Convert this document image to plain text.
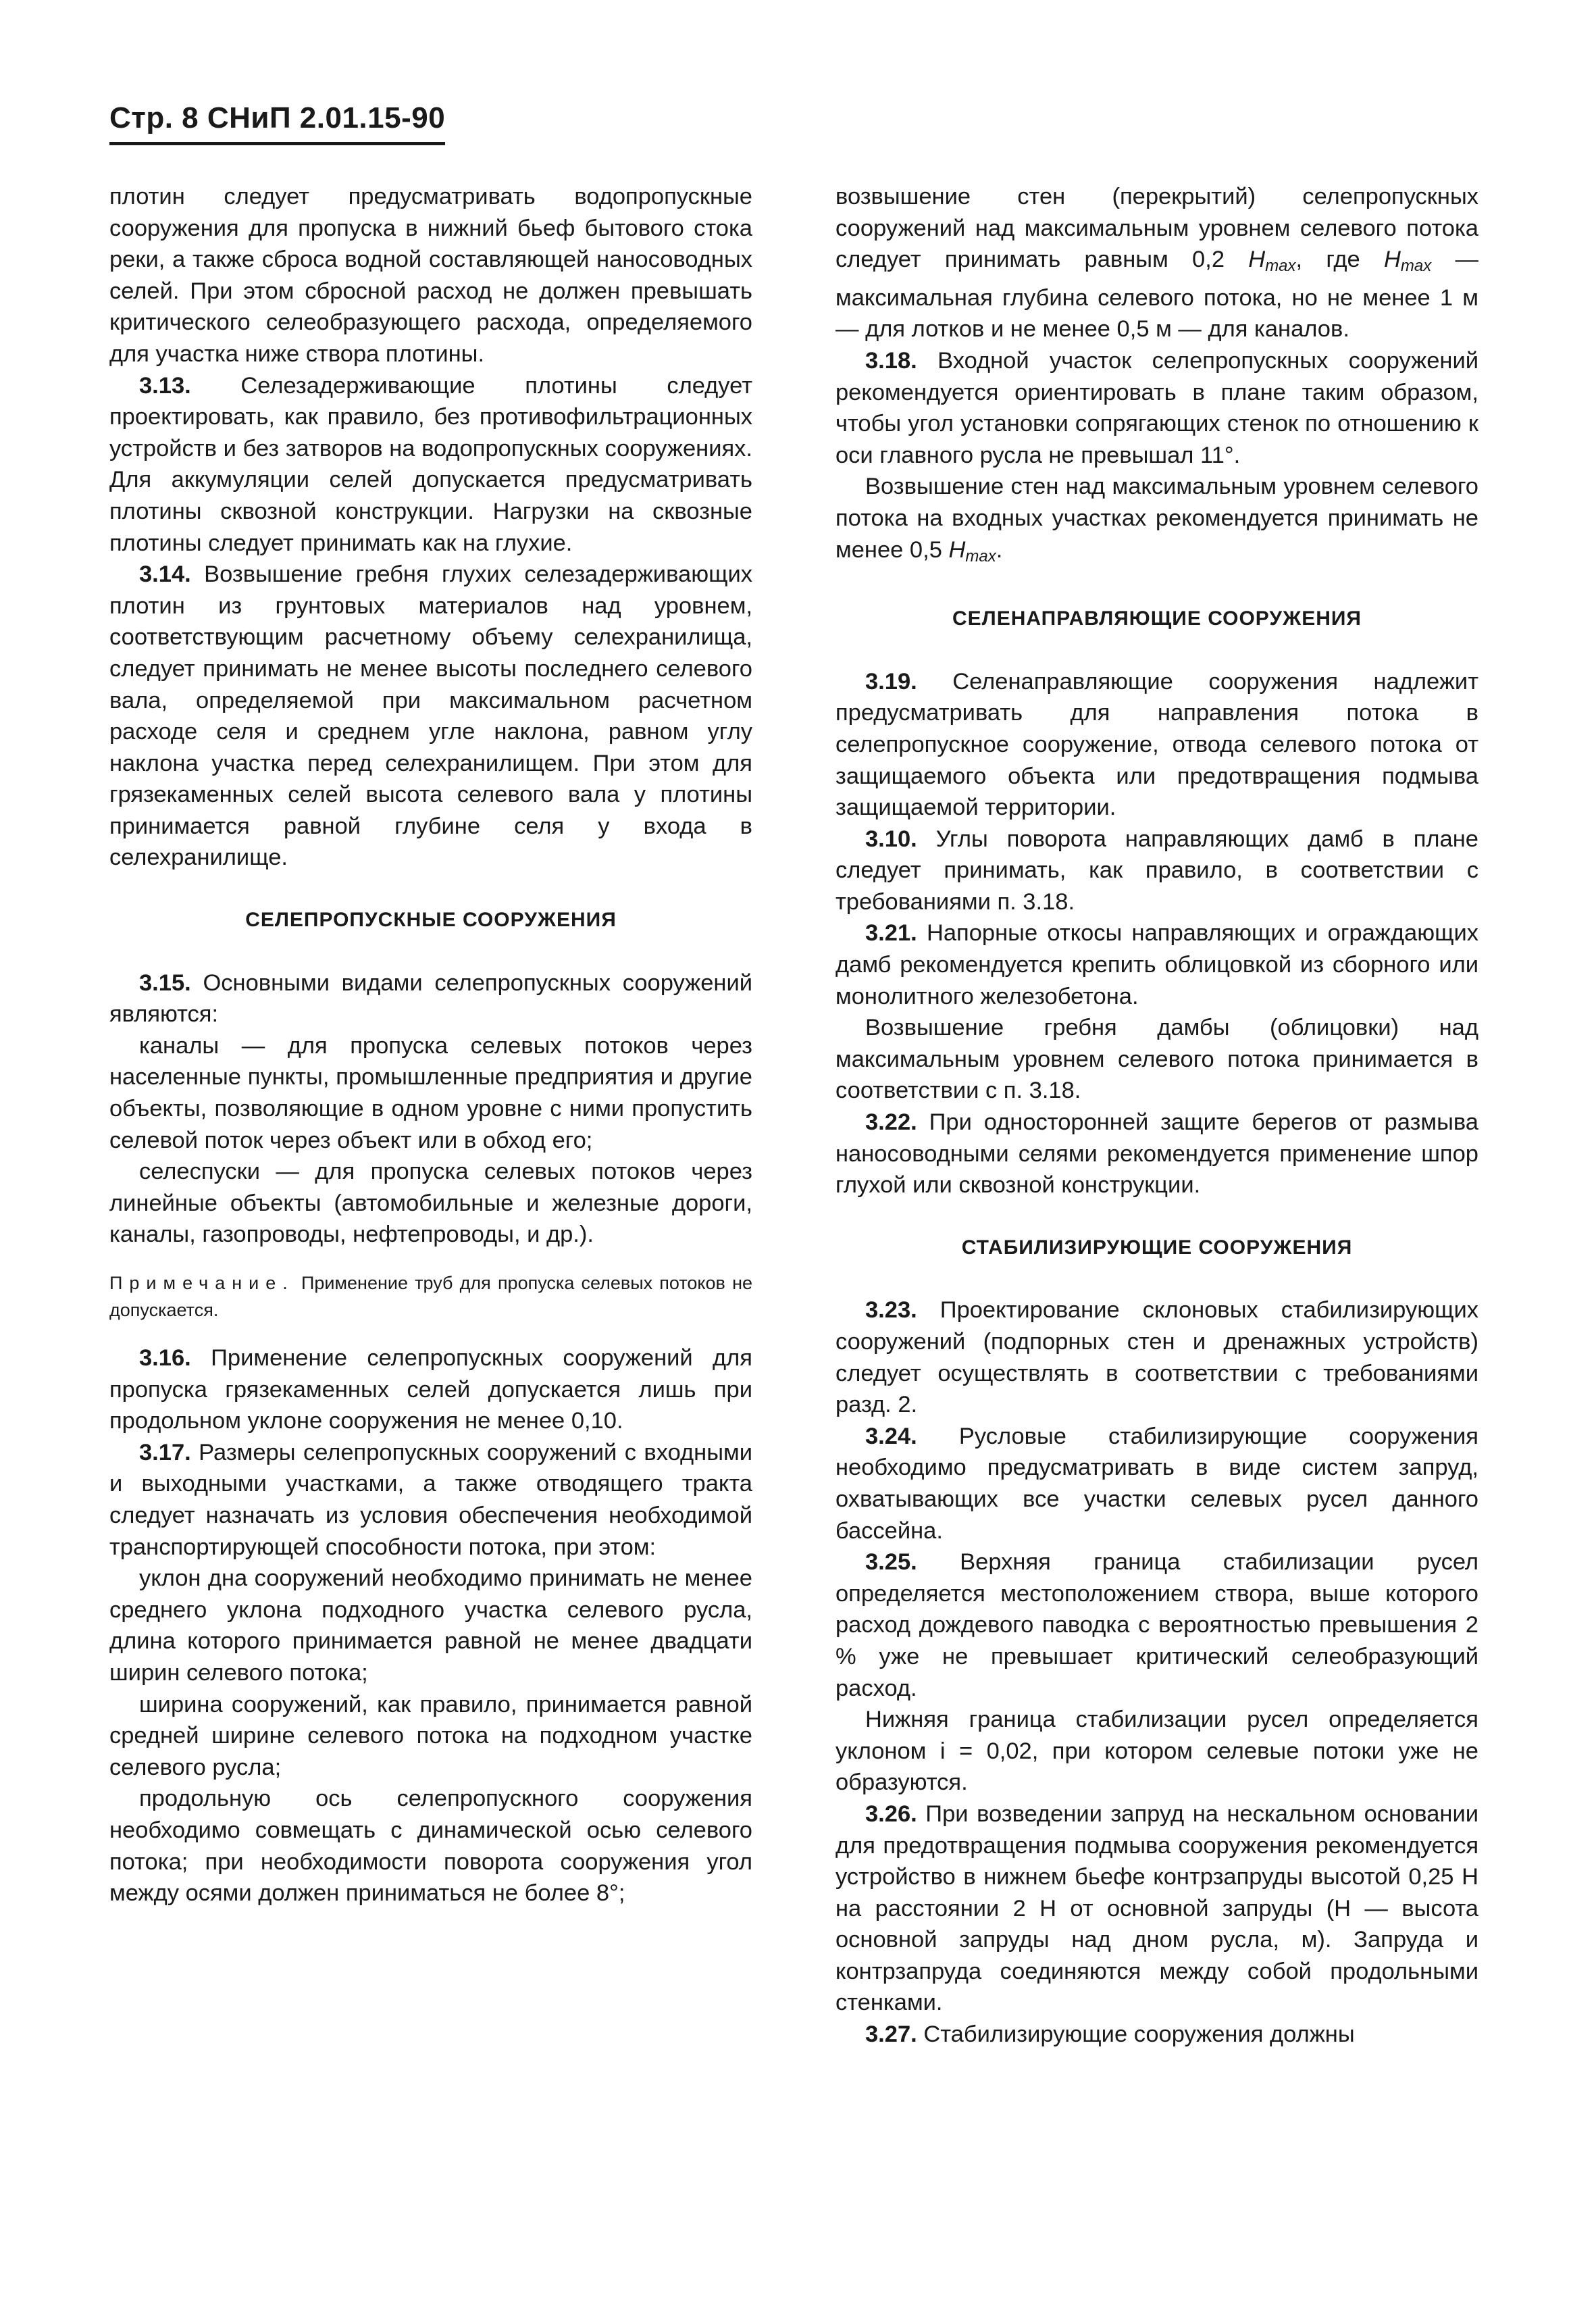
Стр. 8 СНиП 2.01.15-90

плотин следует предусматривать водопропускные сооружения для пропуска в нижний бьеф бытового стока реки, а также сброса водной составляющей наносоводных селей. При этом сбросной расход не должен превышать критического селеобразующего расхода, определяемого для участка ниже створа плотины.

3.13. Селезадерживающие плотины следует проектировать, как правило, без противофильтрационных устройств и без затворов на водопропускных сооружениях. Для аккумуляции селей допускается предусматривать плотины сквозной конструкции. Нагрузки на сквозные плотины следует принимать как на глухие.

3.14. Возвышение гребня глухих селезадерживающих плотин из грунтовых материалов над уровнем, соответствующим расчетному объему селехранилища, следует принимать не менее высоты последнего селевого вала, определяемой при максимальном расчетном расходе селя и среднем угле наклона, равном углу наклона участка перед селехранилищем. При этом для грязекаменных селей высота селевого вала у плотины принимается равной глубине селя у входа в селехранилище.

СЕЛЕПРОПУСКНЫЕ СООРУЖЕНИЯ

3.15. Основными видами селепропускных сооружений являются:

каналы — для пропуска селевых потоков через населенные пункты, промышленные предприятия и другие объекты, позволяющие в одном уровне с ними пропустить селевой поток через объект или в обход его;

селеспуски — для пропуска селевых потоков через линейные объекты (автомобильные и железные дороги, каналы, газопроводы, нефтепроводы, и др.).

Примечание. Применение труб для пропуска селевых потоков не допускается.

3.16. Применение селепропускных сооружений для пропуска грязекаменных селей допускается лишь при продольном уклоне сооружения не менее 0,10.

3.17. Размеры селепропускных сооружений с входными и выходными участками, а также отводящего тракта следует назначать из условия обеспечения необходимой транспортирующей способности потока, при этом:

уклон дна сооружений необходимо принимать не менее среднего уклона подходного участка селевого русла, длина которого принимается равной не менее двадцати ширин селевого потока;

ширина сооружений, как правило, принимается равной средней ширине селевого потока на подходном участке селевого русла;

продольную ось селепропускного сооружения необходимо совмещать с динамической осью селевого потока; при необходимости поворота сооружения угол между осями должен приниматься не более 8°;

возвышение стен (перекрытий) селепропускных сооружений над максимальным уровнем селевого потока следует принимать равным 0,2 $H_{max}$, где $H_{max}$ — максимальная глубина селевого потока, но не менее 1 м — для лотков и не менее 0,5 м — для каналов.

3.18. Входной участок селепропускных сооружений рекомендуется ориентировать в плане таким образом, чтобы угол установки сопрягающих стенок по отношению к оси главного русла не превышал 11°.

Возвышение стен над максимальным уровнем селевого потока на входных участках рекомендуется принимать не менее 0,5 $H_{max}$.

СЕЛЕНАПРАВЛЯЮЩИЕ СООРУЖЕНИЯ

3.19. Селенаправляющие сооружения надлежит предусматривать для направления потока в селепропускное сооружение, отвода селевого потока от защищаемого объекта или предотвращения подмыва защищаемой территории.

3.10. Углы поворота направляющих дамб в плане следует принимать, как правило, в соответствии с требованиями п. 3.18.

3.21. Напорные откосы направляющих и ограждающих дамб рекомендуется крепить облицовкой из сборного или монолитного железобетона.

Возвышение гребня дамбы (облицовки) над максимальным уровнем селевого потока принимается в соответствии с п. 3.18.

3.22. При односторонней защите берегов от размыва наносоводными селями рекомендуется применение шпор глухой или сквозной конструкции.

СТАБИЛИЗИРУЮЩИЕ СООРУЖЕНИЯ

3.23. Проектирование склоновых стабилизирующих сооружений (подпорных стен и дренажных устройств) следует осуществлять в соответствии с требованиями разд. 2.

3.24. Русловые стабилизирующие сооружения необходимо предусматривать в виде систем запруд, охватывающих все участки селевых русел данного бассейна.

3.25. Верхняя граница стабилизации русел определяется местоположением створа, выше которого расход дождевого паводка с вероятностью превышения 2 % уже не превышает критический селеобразующий расход.

Нижняя граница стабилизации русел определяется уклоном i = 0,02, при котором селевые потоки уже не образуются.

3.26. При возведении запруд на нескальном основании для предотвращения подмыва сооружения рекомендуется устройство в нижнем бьефе контрзапруды высотой 0,25 H на расстоянии 2 H от основной запруды (H — высота основной запруды над дном русла, м). Запруда и контрзапруда соединяются между собой продольными стенками.

3.27. Стабилизирующие сооружения должны
